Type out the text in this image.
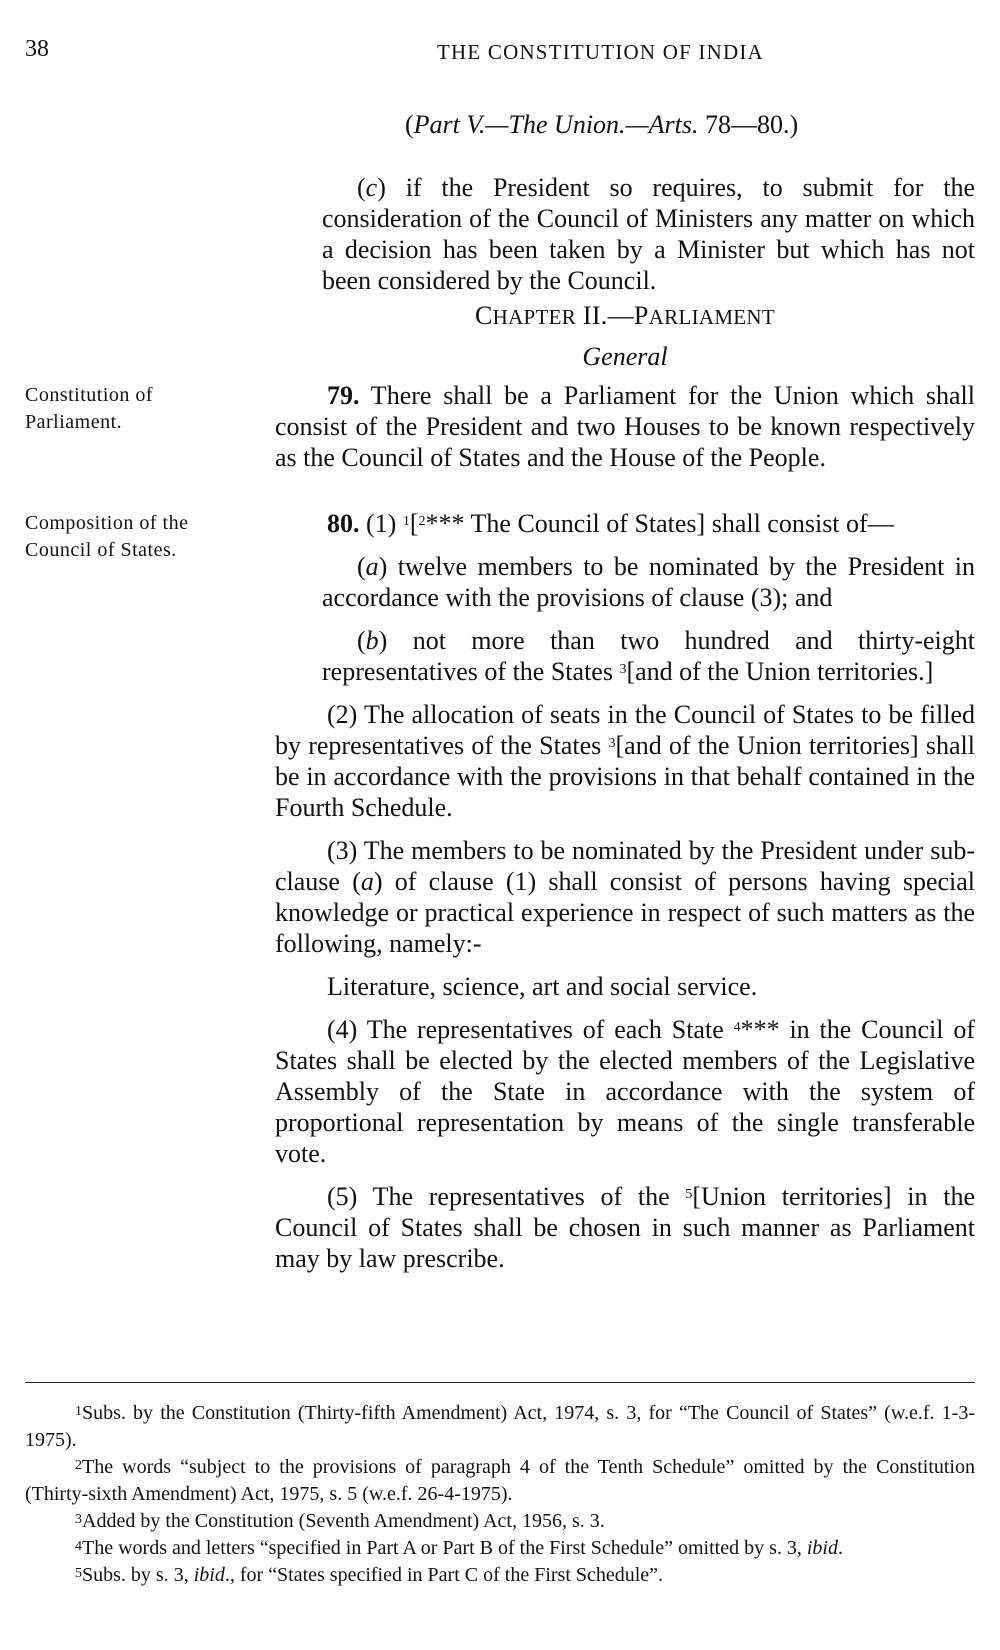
38	THE CONSTITUTION OF INDIA
(Part V.—The Union.—Arts. 78—80.)

(c) if the President so requires, to submit for the consideration of the Council of Ministers any matter on which a decision has been taken by a Minister but which has not been considered by the Council.

CHAPTER II.—PARLIAMENT
General
Constitution of Parliament.
Composition of the Council of States.

79. There shall be a Parliament for the Union which shall consist of the President and two Houses to be known respectively as the Council of States and the House of the People.

80. (1) $^1$[$^2$*** The Council of States] shall consist of—

(a) twelve members to be nominated by the President in accordance with the provisions of clause (3); and

(b) not more than two hundred and thirty-eight representatives of the States $^3$[and of the Union territories.]

(2) The allocation of seats in the Council of States to be filled by representatives of the States $^3$[and of the Union territories] shall be in accordance with the provisions in that behalf contained in the Fourth Schedule.

(3) The members to be nominated by the President under sub-clause (a) of clause (1) shall consist of persons having special knowledge or practical experience in respect of such matters as the following, namely:-

Literature, science, art and social service.

(4) The representatives of each State $^4$*** in the Council of States shall be elected by the elected members of the Legislative Assembly of the State in accordance with the system of proportional representation by means of the single transferable vote.

(5) The representatives of the $^5$[Union territories] in the Council of States shall be chosen in such manner as Parliament may by law prescribe.

$^1$Subs. by the Constitution (Thirty-fifth Amendment) Act, 1974, s. 3, for “The Council of States” (w.e.f. 1-3-1975).

$^2$The words “subject to the provisions of paragraph 4 of the Tenth Schedule” omitted by the Constitution (Thirty-sixth Amendment) Act, 1975, s. 5 (w.e.f. 26-4-1975).

$^3$Added by the Constitution (Seventh Amendment) Act, 1956, s. 3.

$^4$The words and letters “specified in Part A or Part B of the First Schedule” omitted by s. 3, ibid.

$^5$Subs. by s. 3, ibid., for “States specified in Part C of the First Schedule”.
